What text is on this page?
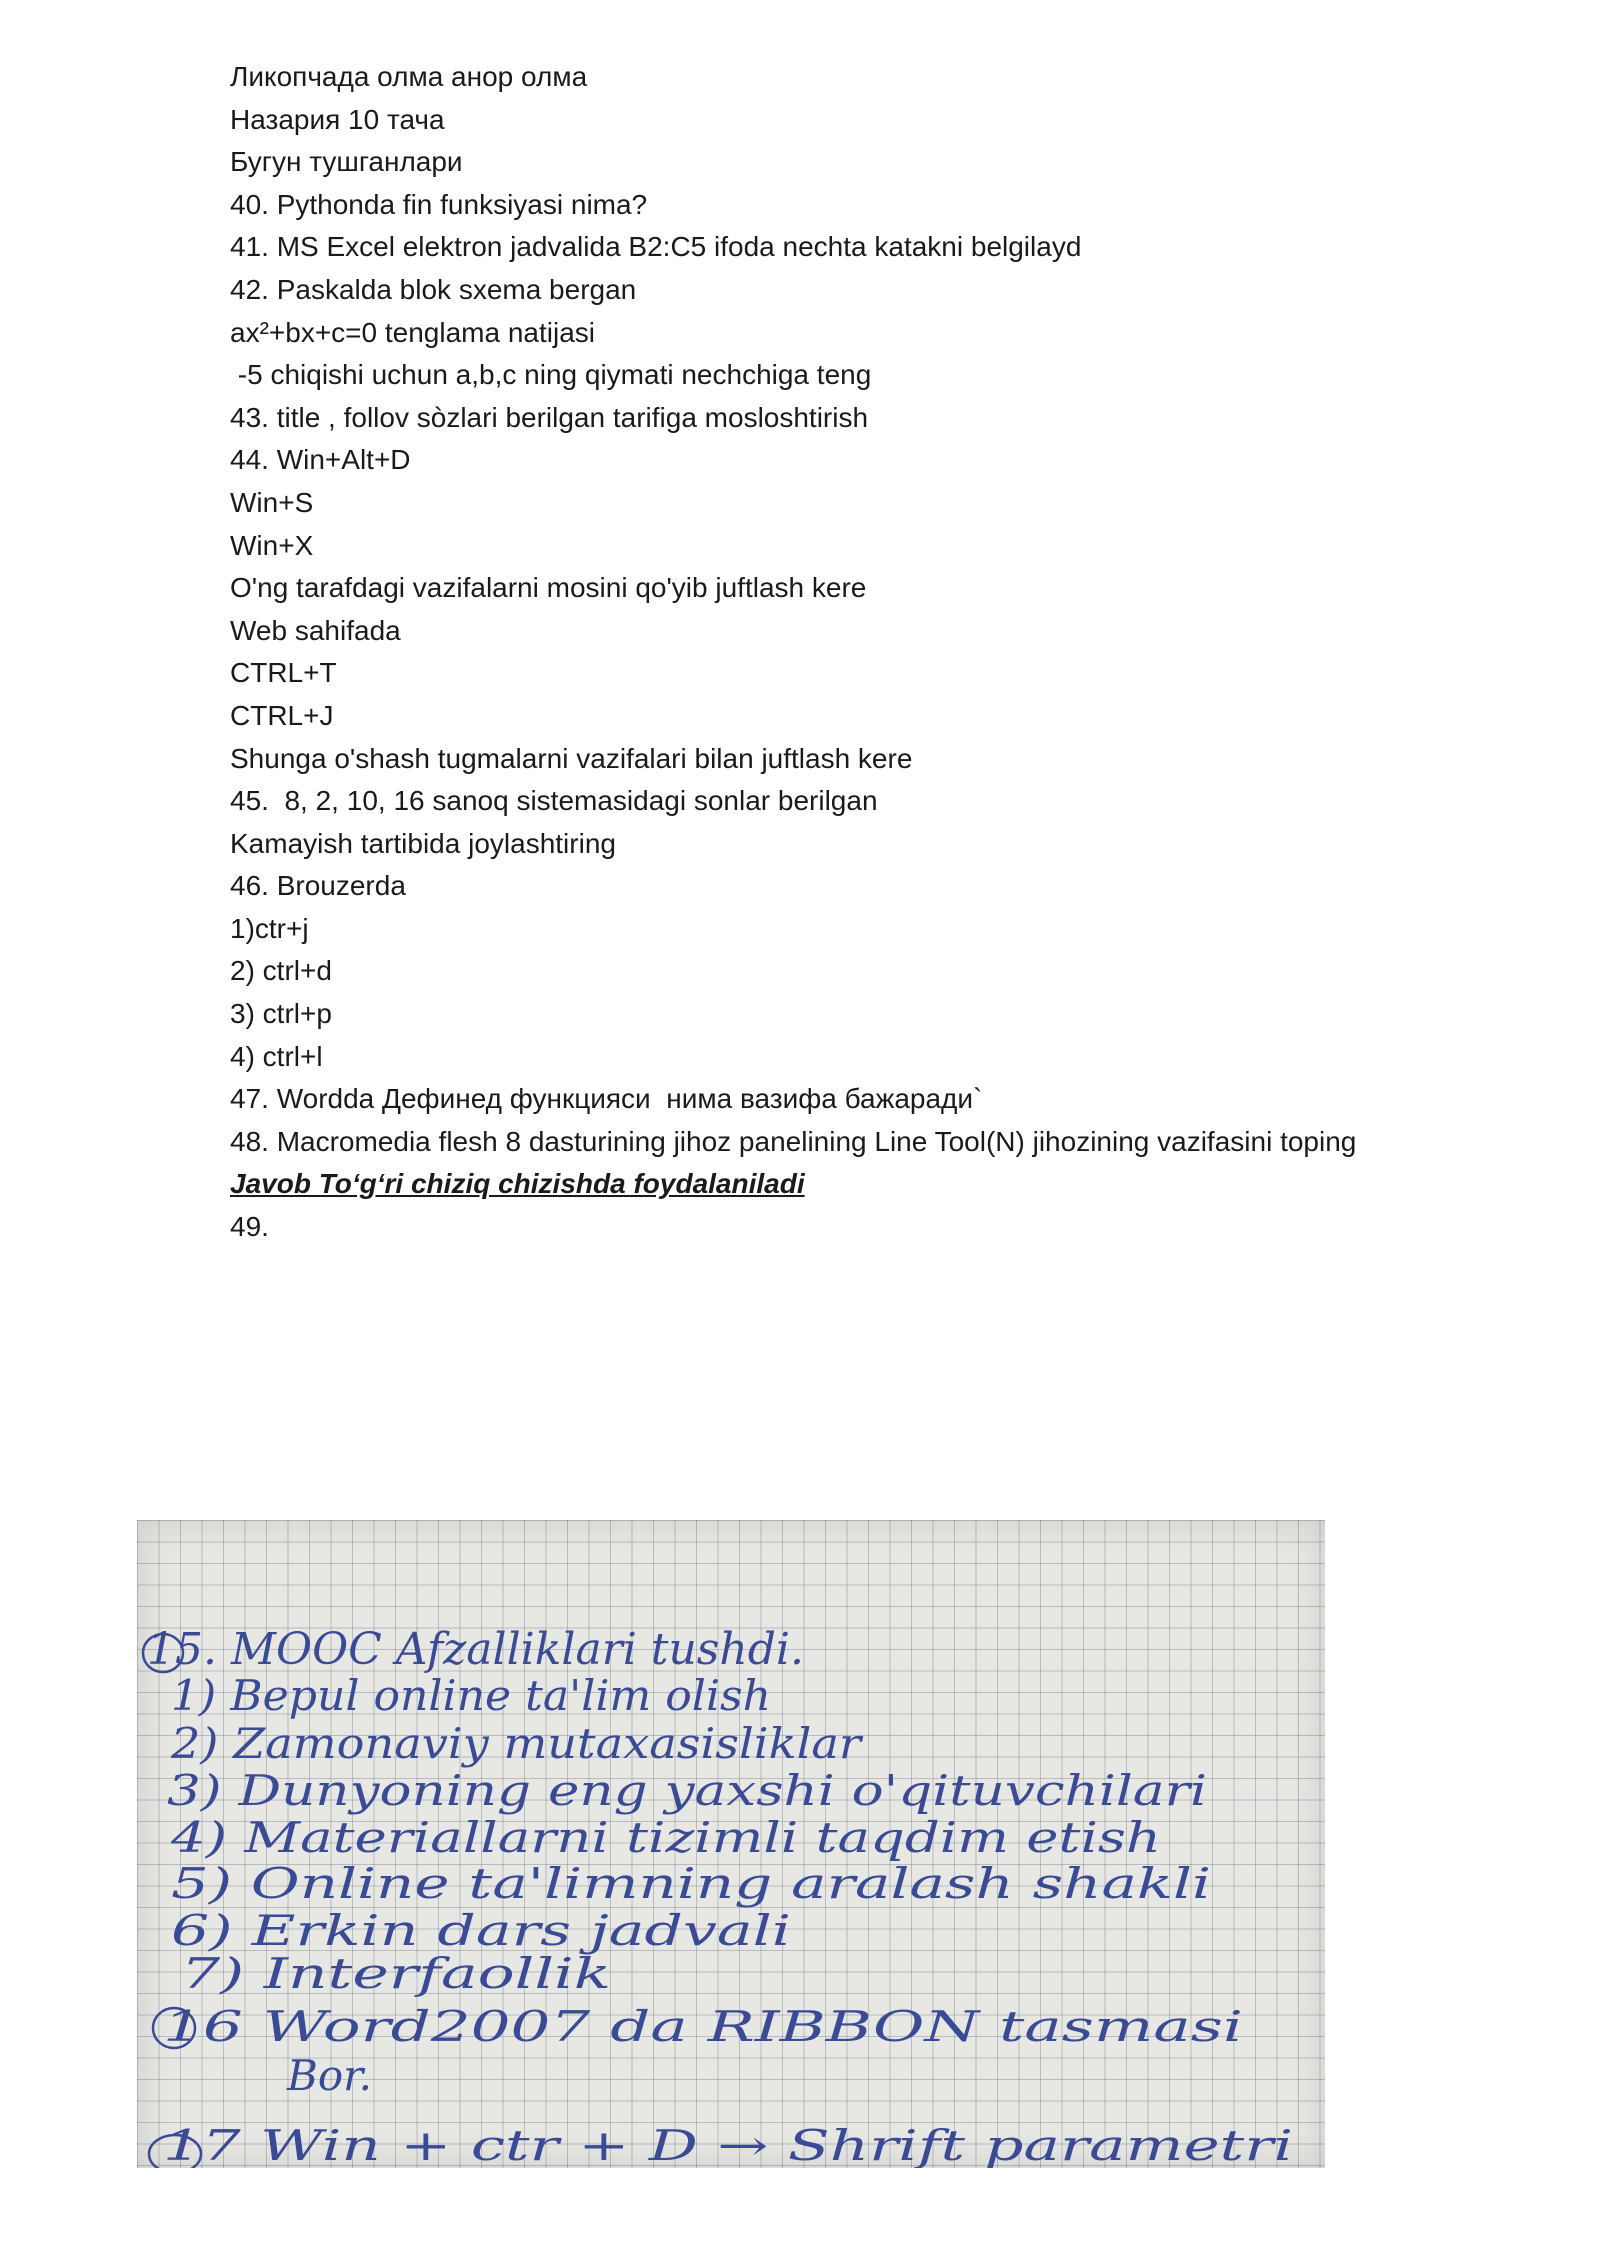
Ликопчада олма анор олма
Назария 10 тача
Бугун тушганлари
40. Pythonda fin funksiyasi nima?
41. MS Excel elektron jadvalida B2:C5 ifoda nechta katakni belgilayd
42. Paskalda blok sxema bergan
ax²+bx+c=0 tenglama natijasi
-5 chiqishi uchun a,b,c ning qiymati nechchiga teng
43. title , follov sòzlari berilgan tarifiga mosloshtirish
44. Win+Alt+D
Win+S
Win+X
O'ng tarafdagi vazifalarni mosini qo'yib juftlash kere
Web sahifada
CTRL+T
CTRL+J
Shunga o'shash tugmalarni vazifalari bilan juftlash kere
45.  8, 2, 10, 16 sanoq sistemasidagi sonlar berilgan
Kamayish tartibida joylashtiring
46. Brouzerda
1)ctr+j
2) ctrl+d
3) ctrl+p
4) ctrl+l
47. Wordda Дефинед функцияси  нима вазифа бажаради`
48. Macromedia flesh 8 dasturining jihoz panelining Line Tool(N) jihozining vazifasini toping
Javob To‘g‘ri chiziq chizishda foydalaniladi
49.
15. MOOC Afzalliklari tushdi.
1) Bepul online ta'lim olish
2) Zamonaviy mutaxasisliklar
3) Dunyoning eng yaxshi o'qituvchilari
4) Materiallarni tizimli taqdim etish
5) Online ta'limning aralash shakli
6) Erkin dars jadvali
7) Interfaollik
16 Word2007 da RIBBON tasmasi
Bor.
17 Win + ctr + D → Shrift parametri
